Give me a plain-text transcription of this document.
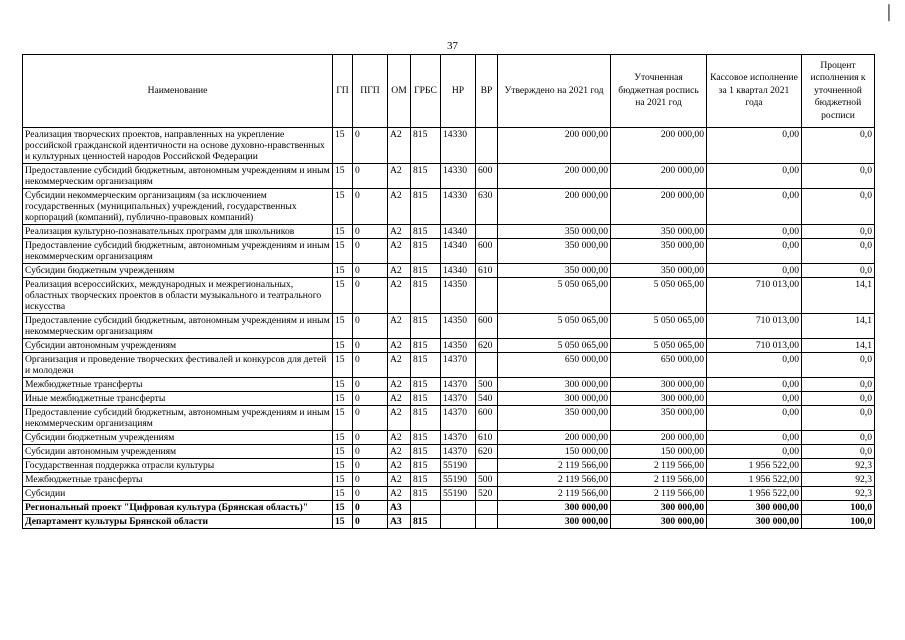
│
37
Наименование	ГП	ПГП	ОМ	ГРБС	НР	ВР	Утверждено на 2021 год	Уточненная бюджетная роспись на 2021 год	Кассовое исполнение за 1 квартал 2021 года	Процент исполнения к уточненной бюджетной росписи
Реализация творческих проектов, направленных на укрепление российской гражданской идентичности на основе духовно-нравственных и культурных ценностей народов Российской Федерации	15	0	А2	815	14330		200 000,00	200 000,00	0,00	0,0
Предоставление субсидий бюджетным, автономным учреждениям и иным некоммерческим организациям	15	0	А2	815	14330	600	200 000,00	200 000,00	0,00	0,0
Субсидии некоммерческим организациям (за исключением государственных (муниципальных) учреждений, государственных корпораций (компаний), публично-правовых компаний)	15	0	А2	815	14330	630	200 000,00	200 000,00	0,00	0,0
Реализация культурно-познавательных программ для школьников	15	0	А2	815	14340		350 000,00	350 000,00	0,00	0,0
Предоставление субсидий бюджетным, автономным учреждениям и иным некоммерческим организациям	15	0	А2	815	14340	600	350 000,00	350 000,00	0,00	0,0
Субсидии бюджетным учреждениям	15	0	А2	815	14340	610	350 000,00	350 000,00	0,00	0,0
Реализация всероссийских, международных и межрегиональных, областных творческих проектов в области музыкального и театрального искусства	15	0	А2	815	14350		5 050 065,00	5 050 065,00	710 013,00	14,1
Предоставление субсидий бюджетным, автономным учреждениям и иным некоммерческим организациям	15	0	А2	815	14350	600	5 050 065,00	5 050 065,00	710 013,00	14,1
Субсидии автономным учреждениям	15	0	А2	815	14350	620	5 050 065,00	5 050 065,00	710 013,00	14,1
Организация и проведение творческих фестивалей и конкурсов для детей и молодежи	15	0	А2	815	14370		650 000,00	650 000,00	0,00	0,0
Межбюджетные трансферты	15	0	А2	815	14370	500	300 000,00	300 000,00	0,00	0,0
Иные межбюджетные трансферты	15	0	А2	815	14370	540	300 000,00	300 000,00	0,00	0,0
Предоставление субсидий бюджетным, автономным учреждениям и иным некоммерческим организациям	15	0	А2	815	14370	600	350 000,00	350 000,00	0,00	0,0
Субсидии бюджетным учреждениям	15	0	А2	815	14370	610	200 000,00	200 000,00	0,00	0,0
Субсидии автономным учреждениям	15	0	А2	815	14370	620	150 000,00	150 000,00	0,00	0,0
Государственная поддержка отрасли культуры	15	0	А2	815	55190		2 119 566,00	2 119 566,00	1 956 522,00	92,3
Межбюджетные трансферты	15	0	А2	815	55190	500	2 119 566,00	2 119 566,00	1 956 522,00	92,3
Субсидии	15	0	А2	815	55190	520	2 119 566,00	2 119 566,00	1 956 522,00	92,3
Региональный проект "Цифровая культура (Брянская область)"	15	0	А3				300 000,00	300 000,00	300 000,00	100,0
Департамент культуры Брянской области	15	0	А3	815			300 000,00	300 000,00	300 000,00	100,0
